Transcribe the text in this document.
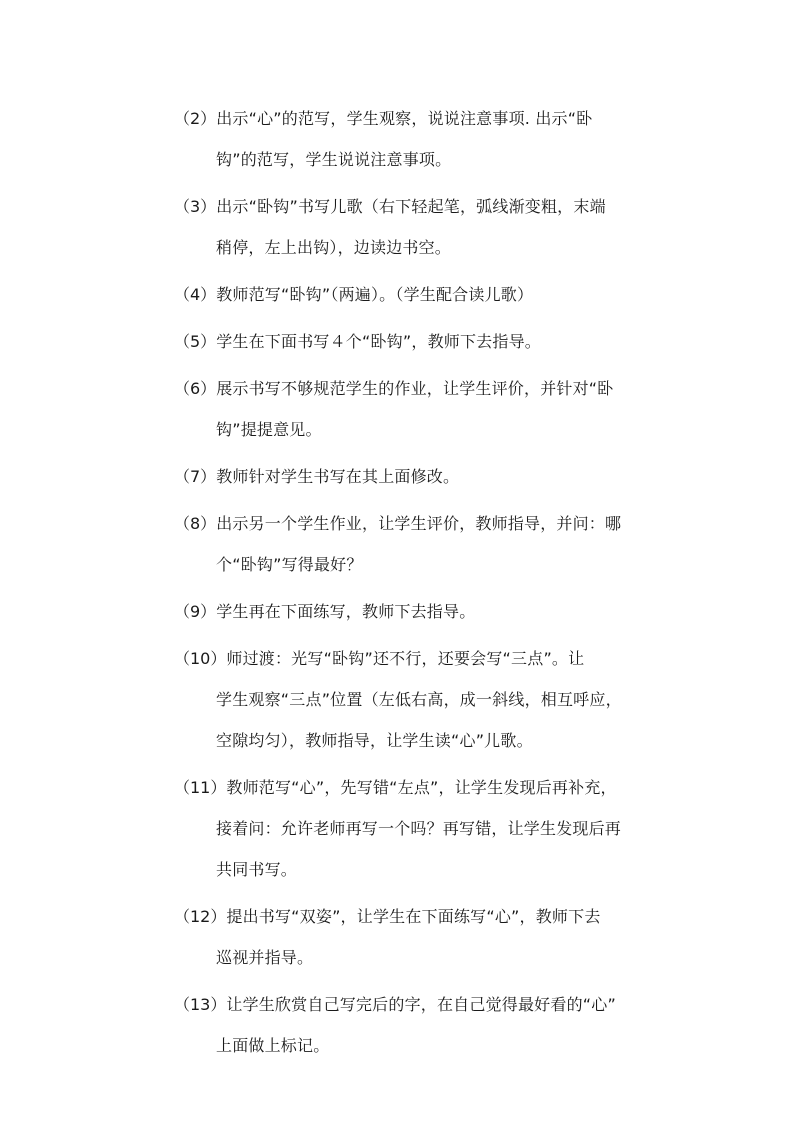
（2） 出示“心”的范写，学生观察，说说注意事项. 出示“卧
钩”的范写，学生说说注意事项。
（3） 出示“卧钩”书写儿歌（右下轻起笔，弧线渐变粗，末端
稍停，左上出钩），边读边书空。
（4） 教师范写“卧钩”（两遍）。（学生配合读儿歌）
（5） 学生在下面书写４个“卧钩”，教师下去指导。
（6） 展示书写不够规范学生的作业，让学生评价，并针对“卧
钩”提提意见。
（7） 教师针对学生书写在其上面修改。
（8） 出示另一个学生作业，让学生评价，教师指导，并问：哪
个“卧钩”写得最好？
（9） 学生再在下面练写，教师下去指导。
（10） 师过渡：光写“卧钩”还不行，还要会写“三点”。让
学生观察“三点”位置（左低右高，成一斜线，相互呼应，
空隙均匀），教师指导，让学生读“心”儿歌。
（11） 教师范写“心”，先写错“左点”，让学生发现后再补充，
接着问：允许老师再写一个吗？再写错，让学生发现后再
共同书写。
（12） 提出书写“双姿”，让学生在下面练写“心”，教师下去
巡视并指导。
（13） 让学生欣赏自己写完后的字，在自己觉得最好看的“心”
上面做上标记。
